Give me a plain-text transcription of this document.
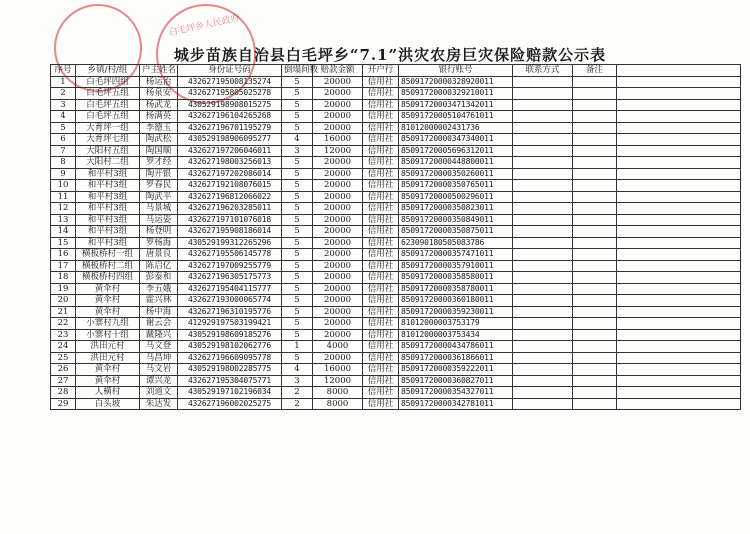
白毛坪乡人民政府
城步苗族自治县白毛坪乡“7.1”洪灾农房巨灾保险赔款公示表
序号	乡镇/村/组	户主姓名	身份证号码	倒塌间数	赔款金额	开户行	银行账号	联系方式	备注	
1	白毛坪四组	杨运治	432627195008135274	5	20000	信用社	85091720000328920011			
2	白毛坪五组	杨泉安	432627195805025278	5	20000	信用社	85091720000329210011			
3	白毛坪五组	杨武龙	430529198908015275	5	20000	信用社	85091720003471342011			
4	白毛坪五组	杨满英	432627196104265268	5	20000	信用社	85091720005104761011			
5	大育坪一组	李德玉	432627196701195279	5	20000	信用社	81012000002431736			
6	大育坪七组	陶武松	430529198906095277	4	16000	信用社	85091720000347340011			
7	大阳村五组	陶国顺	432627197206046011	3	12000	信用社	85091720005696312011			
8	大阳村二组	罗才经	432627198003256013	5	20000	信用社	85091720000448800011			
9	和平村3组	陶开银	432627197202086014	5	20000	信用社	85091720000350260011			
10	和平村3组	罗春民	432627192108076015	5	20000	信用社	85091720000350765011			
11	和平村3组	陶武平	432627196812066022	5	20000	信用社	85091720000500296011			
12	和平村3组	马景城	432627196203285011	5	20000	信用社	85091720000350823011			
13	和平村3组	马运姿	432627197101076018	5	20000	信用社	85091720000350849011			
14	和平村3组	杨登明	432627195908186014	5	20000	信用社	85091720000350875011			
15	和平村3组	罗杨海	430529199312265296	5	20000	信用社	623090180505083786			
16	横板桥村一组	唐景良	432627195506145778	5	20000	信用社	85091720000357471011			
17	横板桥村二组	陈启亿	432627197009255779	5	20000	信用社	85091720000357910011			
18	横板桥村四组	彭泰和	432627196305175773	5	20000	信用社	85091720000358580011			
19	黄伞村	李五娥	432627195404115777	5	20000	信用社	85091720000358780011			
20	黄伞村	霍兴林	432627193000065774	5	20000	信用社	85091720000360180011			
21	黄伞村	杨中海	432627196310195776	5	20000	信用社	85091720000359230011			
22	小寨村九组	谢云会	412929197503199421	5	20000	信用社	81012000003753179			
23	小寨村十组	戴隆兴	430529198609185276	5	20000	信用社	81012000003753434			
24	洪田元村	马文登	430529198102062776	1	4000	信用社	85091720000434786011			
25	洪田元村	马昌坤	432627196609095778	5	20000	信用社	85091720000361866011			
26	黄伞村	马文岩	430529198002285775	4	16000	信用社	85091720000359222011			
27	黄伞村	谭兴龙	432627195304075771	3	12000	信用社	85091720000360827011			
28	人横村	刘道文	430529197102196034	2	8000	信用社	85091720000354327011			
29	白头坡	朱达发	432627196002025275	2	8000	信用社	85091720000342781011			
